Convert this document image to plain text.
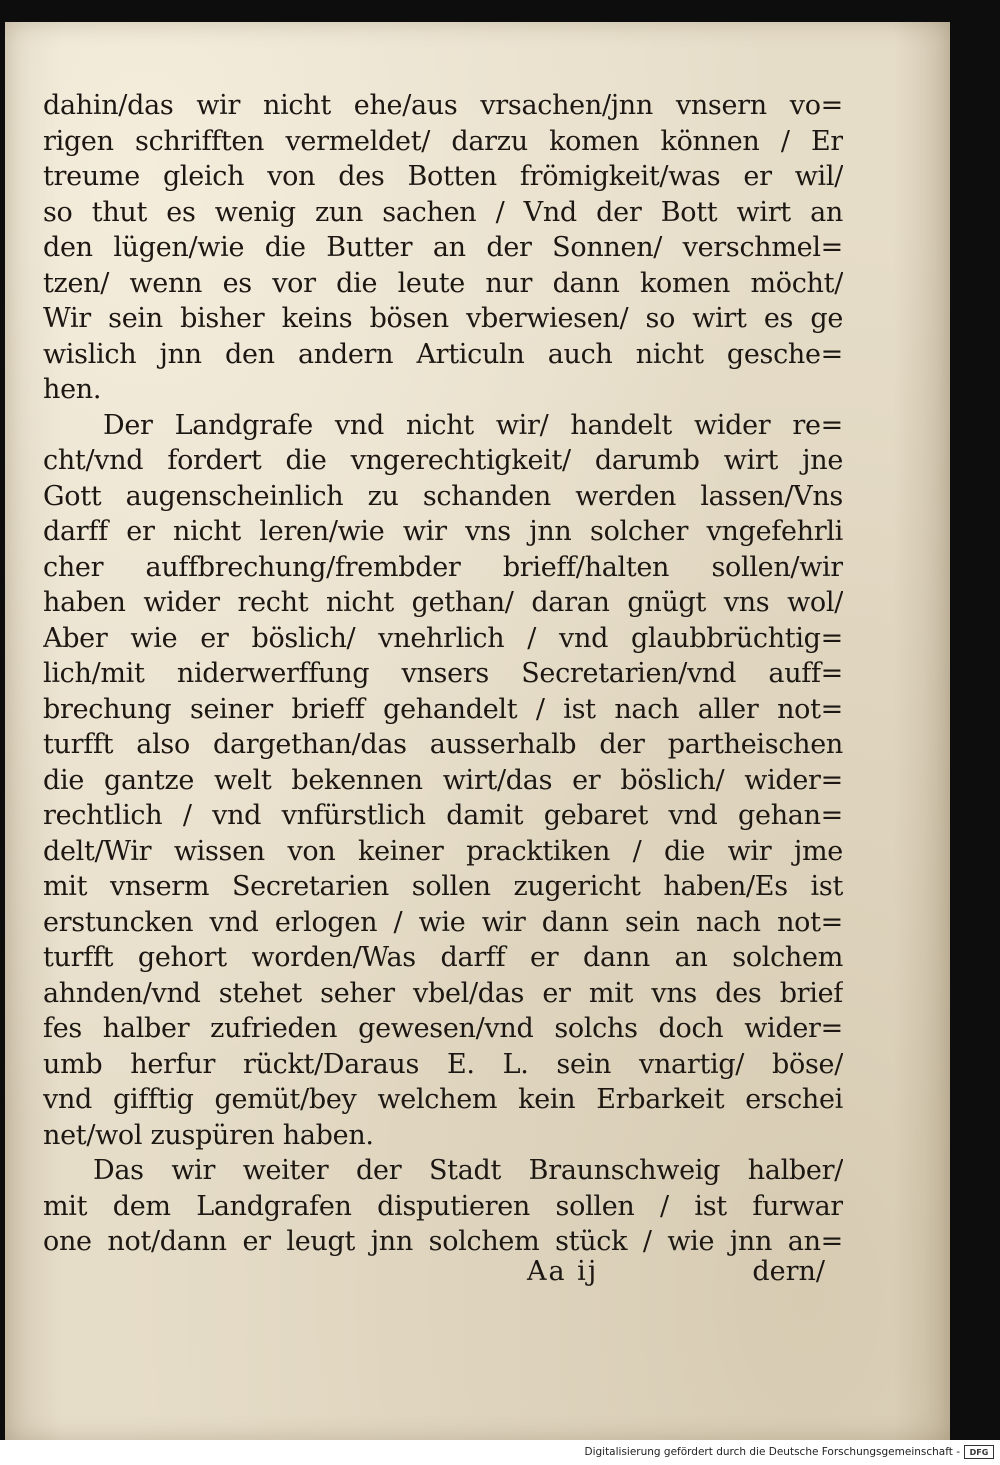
dahin/das wir nicht ehe/aus vrsachen/jnn vnsern vo=
rigen schrifften vermeldet/ darzu komen können / Er
treume gleich von des Botten frömigkeit/was er wil/
so thut es wenig zun sachen / Vnd der Bott wirt an
den lügen/wie die Butter an der Sonnen/ verschmel=
tzen/ wenn es vor die leute nur dann komen möcht/
Wir sein bisher keins bösen vberwiesen/ so wirt es ge
wislich jnn den andern Articuln auch nicht gesche=
hen.
Der Landgrafe vnd nicht wir/ handelt wider re=
cht/vnd fordert die vngerechtigkeit/ darumb wirt jne
Gott augenscheinlich zu schanden werden lassen/Vns
darff er nicht leren/wie wir vns jnn solcher vngefehrli
cher auffbrechung/frembder brieff/halten sollen/wir
haben wider recht nicht gethan/ daran gnügt vns wol/
Aber wie er böslich/ vnehrlich / vnd glaubbrüchtig=
lich/mit niderwerffung vnsers Secretarien/vnd auff=
brechung seiner brieff gehandelt / ist nach aller not=
turfft also dargethan/das ausserhalb der partheischen
die gantze welt bekennen wirt/das er böslich/ wider=
rechtlich / vnd vnfürstlich damit gebaret vnd gehan=
delt/Wir wissen von keiner pracktiken / die wir jme
mit vnserm Secretarien sollen zugericht haben/Es ist
erstuncken vnd erlogen / wie wir dann sein nach not=
turfft gehort worden/Was darff er dann an solchem
ahnden/vnd stehet seher vbel/das er mit vns des brief
fes halber zufrieden gewesen/vnd solchs doch wider=
umb herfur rückt/Daraus E. L. sein vnartig/ böse/
vnd gifftig gemüt/bey welchem kein Erbarkeit erschei
net/wol zuspüren haben.
Das wir weiter der Stadt Braunschweig halber/
mit dem Landgrafen disputieren sollen / ist furwar
one not/dann er leugt jnn solchem stück / wie jnn an=
Aa ij	dern/
Digitalisierung gefördert durch die Deutsche Forschungsgemeinschaft -	DFG
